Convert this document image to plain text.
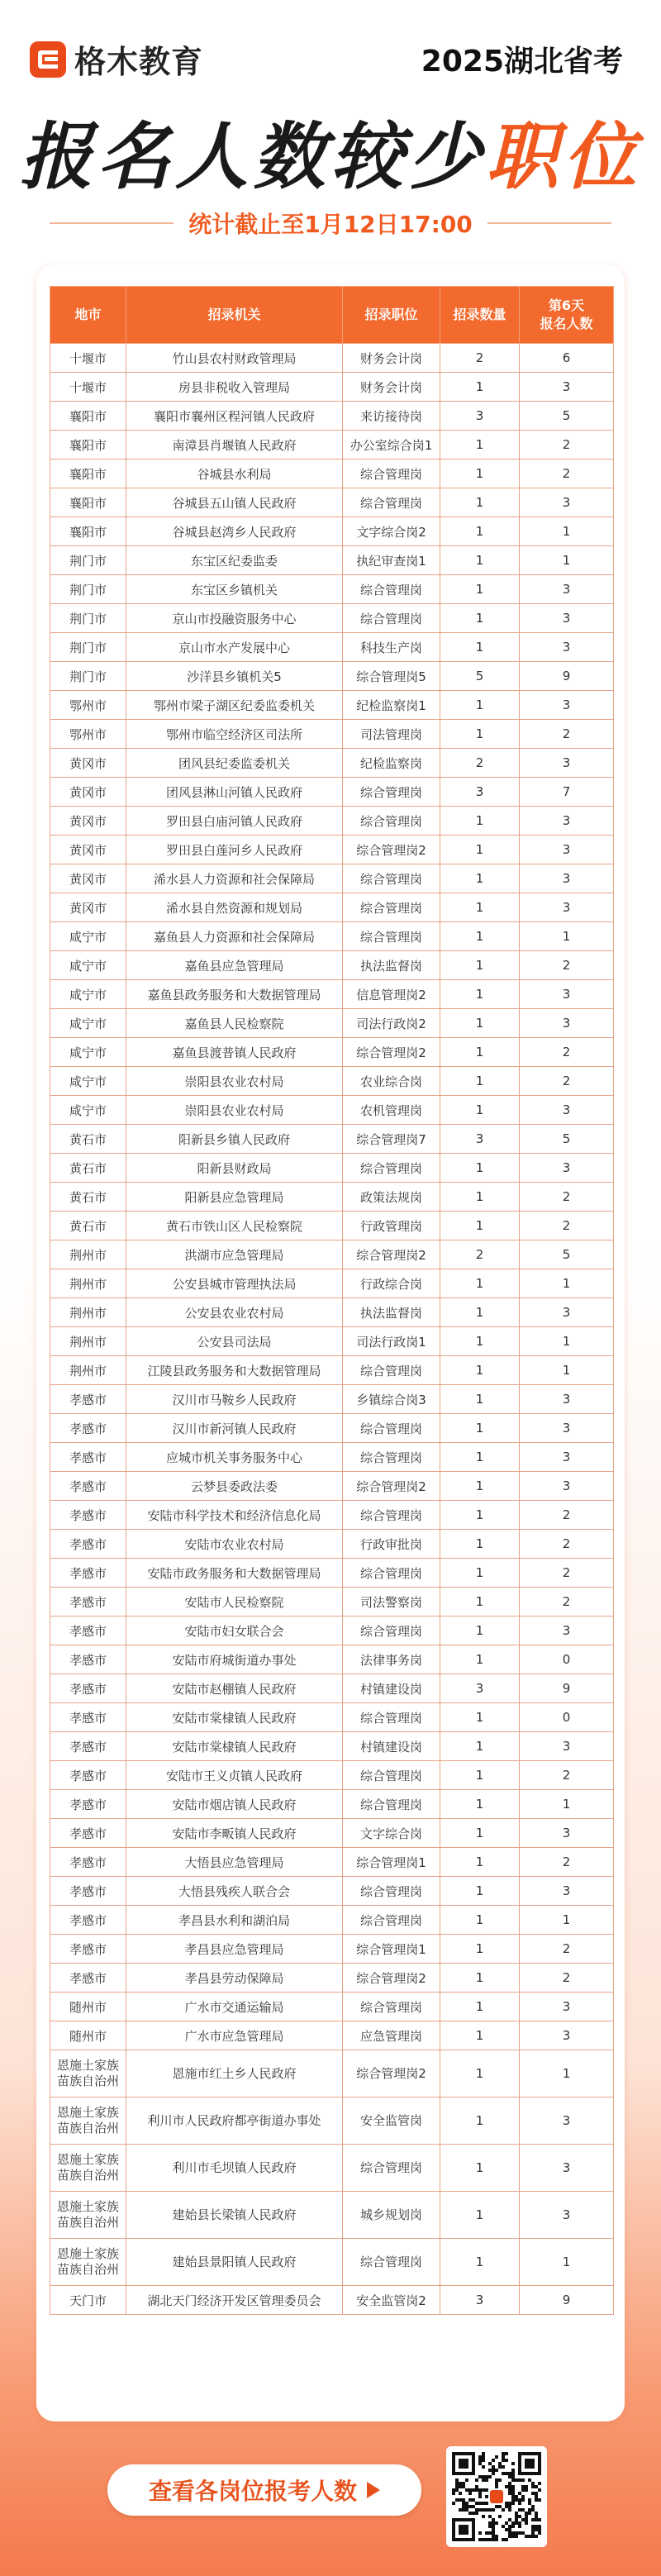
格木教育	2025湖北省考
报名人数较少职位
统计截止至1月12日17:00
地市	招录机关	招录职位	招录数量	第6天
报名人数
十堰市	竹山县农村财政管理局	财务会计岗	2	6
十堰市	房县非税收入管理局	财务会计岗	1	3
襄阳市	襄阳市襄州区程河镇人民政府	来访接待岗	3	5
襄阳市	南漳县肖堰镇人民政府	办公室综合岗1	1	2
襄阳市	谷城县水利局	综合管理岗	1	2
襄阳市	谷城县五山镇人民政府	综合管理岗	1	3
襄阳市	谷城县赵湾乡人民政府	文字综合岗2	1	1
荆门市	东宝区纪委监委	执纪审查岗1	1	1
荆门市	东宝区乡镇机关	综合管理岗	1	3
荆门市	京山市投融资服务中心	综合管理岗	1	3
荆门市	京山市水产发展中心	科技生产岗	1	3
荆门市	沙洋县乡镇机关5	综合管理岗5	5	9
鄂州市	鄂州市梁子湖区纪委监委机关	纪检监察岗1	1	3
鄂州市	鄂州市临空经济区司法所	司法管理岗	1	2
黄冈市	团风县纪委监委机关	纪检监察岗	2	3
黄冈市	团风县淋山河镇人民政府	综合管理岗	3	7
黄冈市	罗田县白庙河镇人民政府	综合管理岗	1	3
黄冈市	罗田县白莲河乡人民政府	综合管理岗2	1	3
黄冈市	浠水县人力资源和社会保障局	综合管理岗	1	3
黄冈市	浠水县自然资源和规划局	综合管理岗	1	3
咸宁市	嘉鱼县人力资源和社会保障局	综合管理岗	1	1
咸宁市	嘉鱼县应急管理局	执法监督岗	1	2
咸宁市	嘉鱼县政务服务和大数据管理局	信息管理岗2	1	3
咸宁市	嘉鱼县人民检察院	司法行政岗2	1	3
咸宁市	嘉鱼县渡普镇人民政府	综合管理岗2	1	2
咸宁市	崇阳县农业农村局	农业综合岗	1	2
咸宁市	崇阳县农业农村局	农机管理岗	1	3
黄石市	阳新县乡镇人民政府	综合管理岗7	3	5
黄石市	阳新县财政局	综合管理岗	1	3
黄石市	阳新县应急管理局	政策法规岗	1	2
黄石市	黄石市铁山区人民检察院	行政管理岗	1	2
荆州市	洪湖市应急管理局	综合管理岗2	2	5
荆州市	公安县城市管理执法局	行政综合岗	1	1
荆州市	公安县农业农村局	执法监督岗	1	3
荆州市	公安县司法局	司法行政岗1	1	1
荆州市	江陵县政务服务和大数据管理局	综合管理岗	1	1
孝感市	汉川市马鞍乡人民政府	乡镇综合岗3	1	3
孝感市	汉川市新河镇人民政府	综合管理岗	1	3
孝感市	应城市机关事务服务中心	综合管理岗	1	3
孝感市	云梦县委政法委	综合管理岗2	1	3
孝感市	安陆市科学技术和经济信息化局	综合管理岗	1	2
孝感市	安陆市农业农村局	行政审批岗	1	2
孝感市	安陆市政务服务和大数据管理局	综合管理岗	1	2
孝感市	安陆市人民检察院	司法警察岗	1	2
孝感市	安陆市妇女联合会	综合管理岗	1	3
孝感市	安陆市府城街道办事处	法律事务岗	1	0
孝感市	安陆市赵棚镇人民政府	村镇建设岗	3	9
孝感市	安陆市棠棣镇人民政府	综合管理岗	1	0
孝感市	安陆市棠棣镇人民政府	村镇建设岗	1	3
孝感市	安陆市王义贞镇人民政府	综合管理岗	1	2
孝感市	安陆市烟店镇人民政府	综合管理岗	1	1
孝感市	安陆市李畈镇人民政府	文字综合岗	1	3
孝感市	大悟县应急管理局	综合管理岗1	1	2
孝感市	大悟县残疾人联合会	综合管理岗	1	3
孝感市	孝昌县水利和湖泊局	综合管理岗	1	1
孝感市	孝昌县应急管理局	综合管理岗1	1	2
孝感市	孝昌县劳动保障局	综合管理岗2	1	2
随州市	广水市交通运输局	综合管理岗	1	3
随州市	广水市应急管理局	应急管理岗	1	3
恩施土家族苗族自治州	恩施市红土乡人民政府	综合管理岗2	1	1
恩施土家族苗族自治州	利川市人民政府都亭街道办事处	安全监管岗	1	3
恩施土家族苗族自治州	利川市毛坝镇人民政府	综合管理岗	1	3
恩施土家族苗族自治州	建始县长梁镇人民政府	城乡规划岗	1	3
恩施土家族苗族自治州	建始县景阳镇人民政府	综合管理岗	1	1
天门市	湖北天门经济开发区管理委员会	安全监管岗2	3	9
查看各岗位报考人数
